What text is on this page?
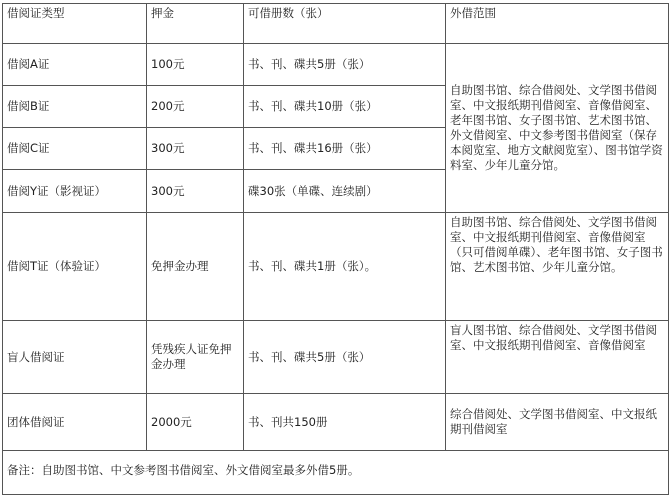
借阅证类型	押金	可借册数（张）	外借范围
借阅A证	100元	书、刊、碟共5册（张）	自助图书馆、综合借阅处、文学图书借阅室、中文报纸期刊借阅室、音像借阅室、老年图书馆、女子图书馆、艺术图书馆、外文借阅室、中文参考图书借阅室（保存本阅览室、地方文献阅览室）、图书馆学资料室、少年儿童分馆。
借阅B证	200元	书、刊、碟共10册（张）	
借阅C证	300元	书、刊、碟共16册（张）	
借阅Y证（影视证）	300元	碟30张（单碟、连续剧）	
借阅T证（体验证）	免押金办理	书、刊、碟共1册（张）。	自助图书馆、综合借阅处、文学图书借阅室、中文报纸期刊借阅室、音像借阅室（只可借阅单碟）、老年图书馆、女子图书馆、艺术图书馆、少年儿童分馆。
盲人借阅证	凭残疾人证免押金办理	书、刊、碟共5册（张）	盲人图书馆、综合借阅处、文学图书借阅室、中文报纸期刊借阅室、音像借阅室
团体借阅证	2000元	书、刊共150册	综合借阅处、文学图书借阅室、中文报纸期刊借阅室
备注：自助图书馆、中文参考图书借阅室、外文借阅室最多外借5册。			
